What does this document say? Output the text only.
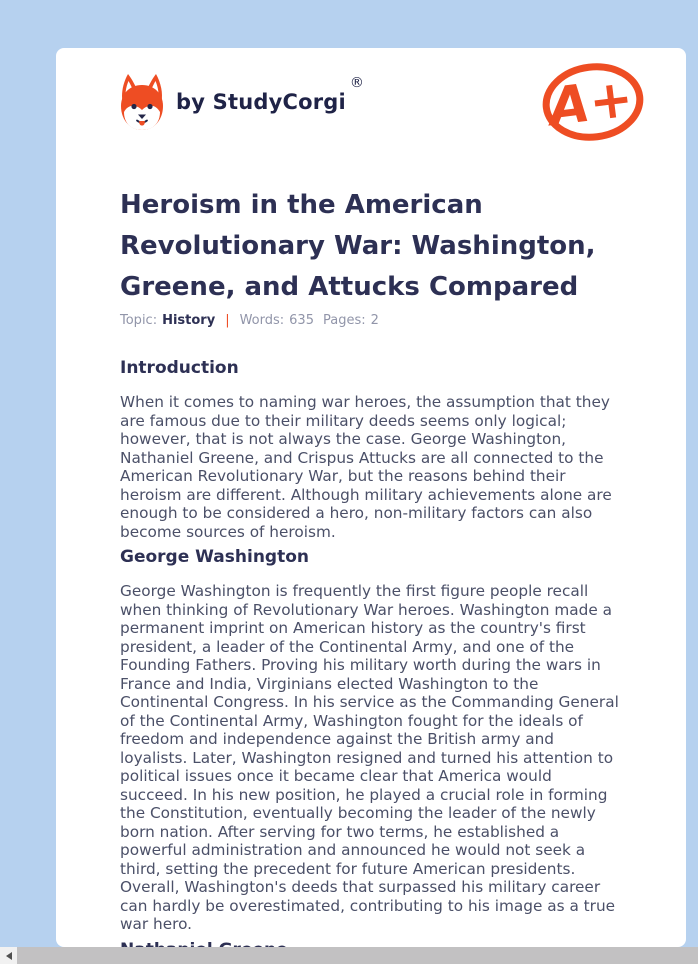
by StudyCorgi
®	A+
Heroism in the American Revolutionary War: Washington, Greene, and Attucks Compared
Topic: History | Words: 635 Pages: 2
Introduction

When it comes to naming war heroes, the assumption that they are famous due to their military deeds seems only logical; however, that is not always the case. George Washington, Nathaniel Greene, and Crispus Attucks are all connected to the American Revolutionary War, but the reasons behind their heroism are different. Although military achievements alone are enough to be considered a hero, non-military factors can also become sources of heroism.

George Washington

George Washington is frequently the first figure people recall when thinking of Revolutionary War heroes. Washington made a permanent imprint on American history as the country's first president, a leader of the Continental Army, and one of the Founding Fathers. Proving his military worth during the wars in France and India, Virginians elected Washington to the Continental Congress. In his service as the Commanding General of the Continental Army, Washington fought for the ideals of freedom and independence against the British army and loyalists. Later, Washington resigned and turned his attention to political issues once it became clear that America would succeed. In his new position, he played a crucial role in forming the Constitution, eventually becoming the leader of the newly born nation. After serving for two terms, he established a powerful administration and announced he would not seek a third, setting the precedent for future American presidents. Overall, Washington's deeds that surpassed his military career can hardly be overestimated, contributing to his image as a true war hero.
